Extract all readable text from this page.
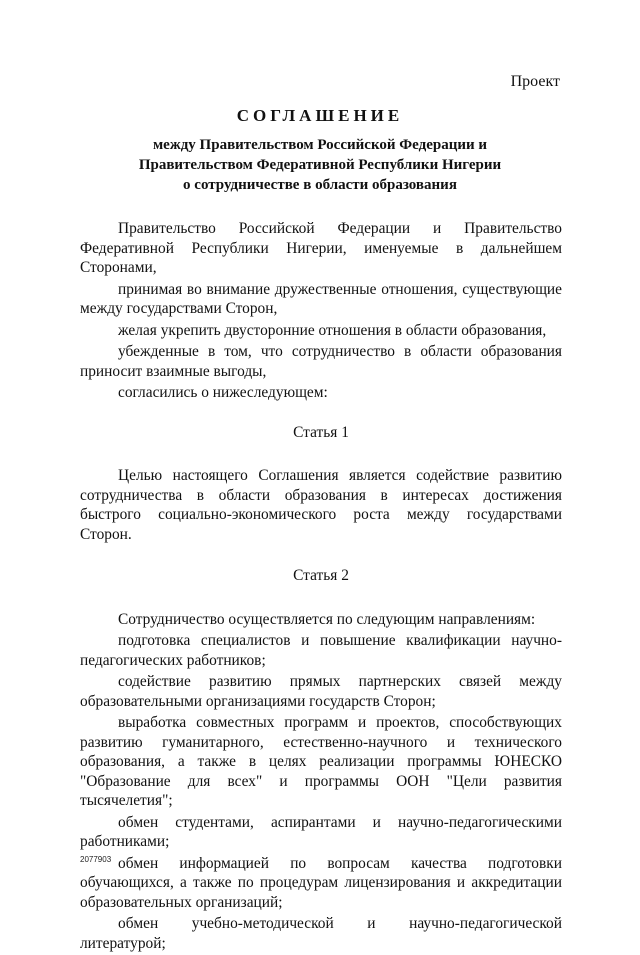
Проект
СОГЛАШЕНИЕ
между Правительством Российской Федерации и
Правительством Федеративной Республики Нигерии
о сотрудничестве в области образования

Правительство Российской Федерации и Правительство Федеративной Республики Нигерии, именуемые в дальнейшем Сторонами,

принимая во внимание дружественные отношения, существующие между государствами Сторон,

желая укрепить двусторонние отношения в области образования,

убежденные в том, что сотрудничество в области образования приносит взаимные выгоды,

согласились о нижеследующем:

Статья 1

Целью настоящего Соглашения является содействие развитию сотрудничества в области образования в интересах достижения быстрого социально-экономического роста между государствами Сторон.

Статья 2

Сотрудничество осуществляется по следующим направлениям:

подготовка специалистов и повышение квалификации научно-педагогических работников;

содействие развитию прямых партнерских связей между образовательными организациями государств Сторон;

выработка совместных программ и проектов, способствующих развитию гуманитарного, естественно-научного и технического образования, а также в целях реализации программы ЮНЕСКО "Образование для всех" и программы ООН "Цели развития тысячелетия";

обмен студентами, аспирантами и научно-педагогическими работниками;

обмен информацией по вопросам качества подготовки обучающихся, а также по процедурам лицензирования и аккредитации образовательных организаций;

обмен учебно-методической и научно-педагогической литературой;

2077903
